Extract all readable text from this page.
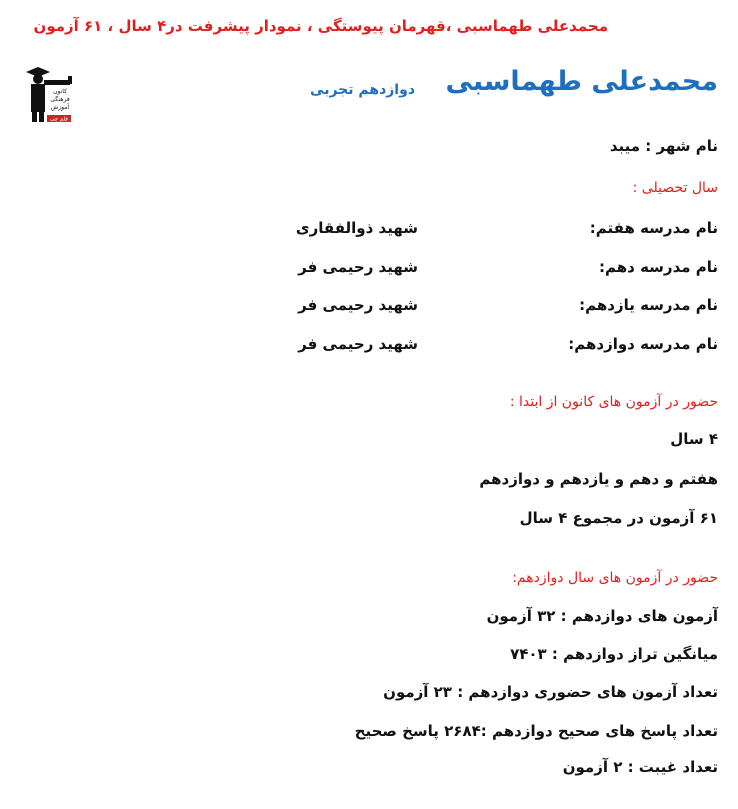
محمدعلی طهماسبی ،قهرمان پیوستگی ، نمودار پیشرفت در۴ سال ، ۶۱ آزمون
کانون
فرهنگی
آموزش
قلم چی
محمدعلی طهماسبی
دوازدهم تجربی
نام شهر : میبد
سال تحصیلی :
نام مدرسه هفتم:
شهید ذوالفقاری
نام مدرسه دهم:
شهید رحیمی فر
نام مدرسه یازدهم:
شهید رحیمی فر
نام مدرسه دوازدهم:
شهید رحیمی فر
حضور در آزمون های کانون از ابتدا :
۴ سال
هفتم و دهم و یازدهم و دوازدهم
۶۱ آزمون در مجموع ۴ سال
حضور در آزمون های سال دوازدهم:
آزمون های دوازدهم : ۳۲ آزمون
میانگین تراز دوازدهم : ۷۴۰۳
تعداد آزمون های حضوری دوازدهم : ۲۳ آزمون
تعداد پاسخ های صحیح دوازدهم :۲۶۸۴ پاسخ صحیح
تعداد غیبت : ۲ آزمون
